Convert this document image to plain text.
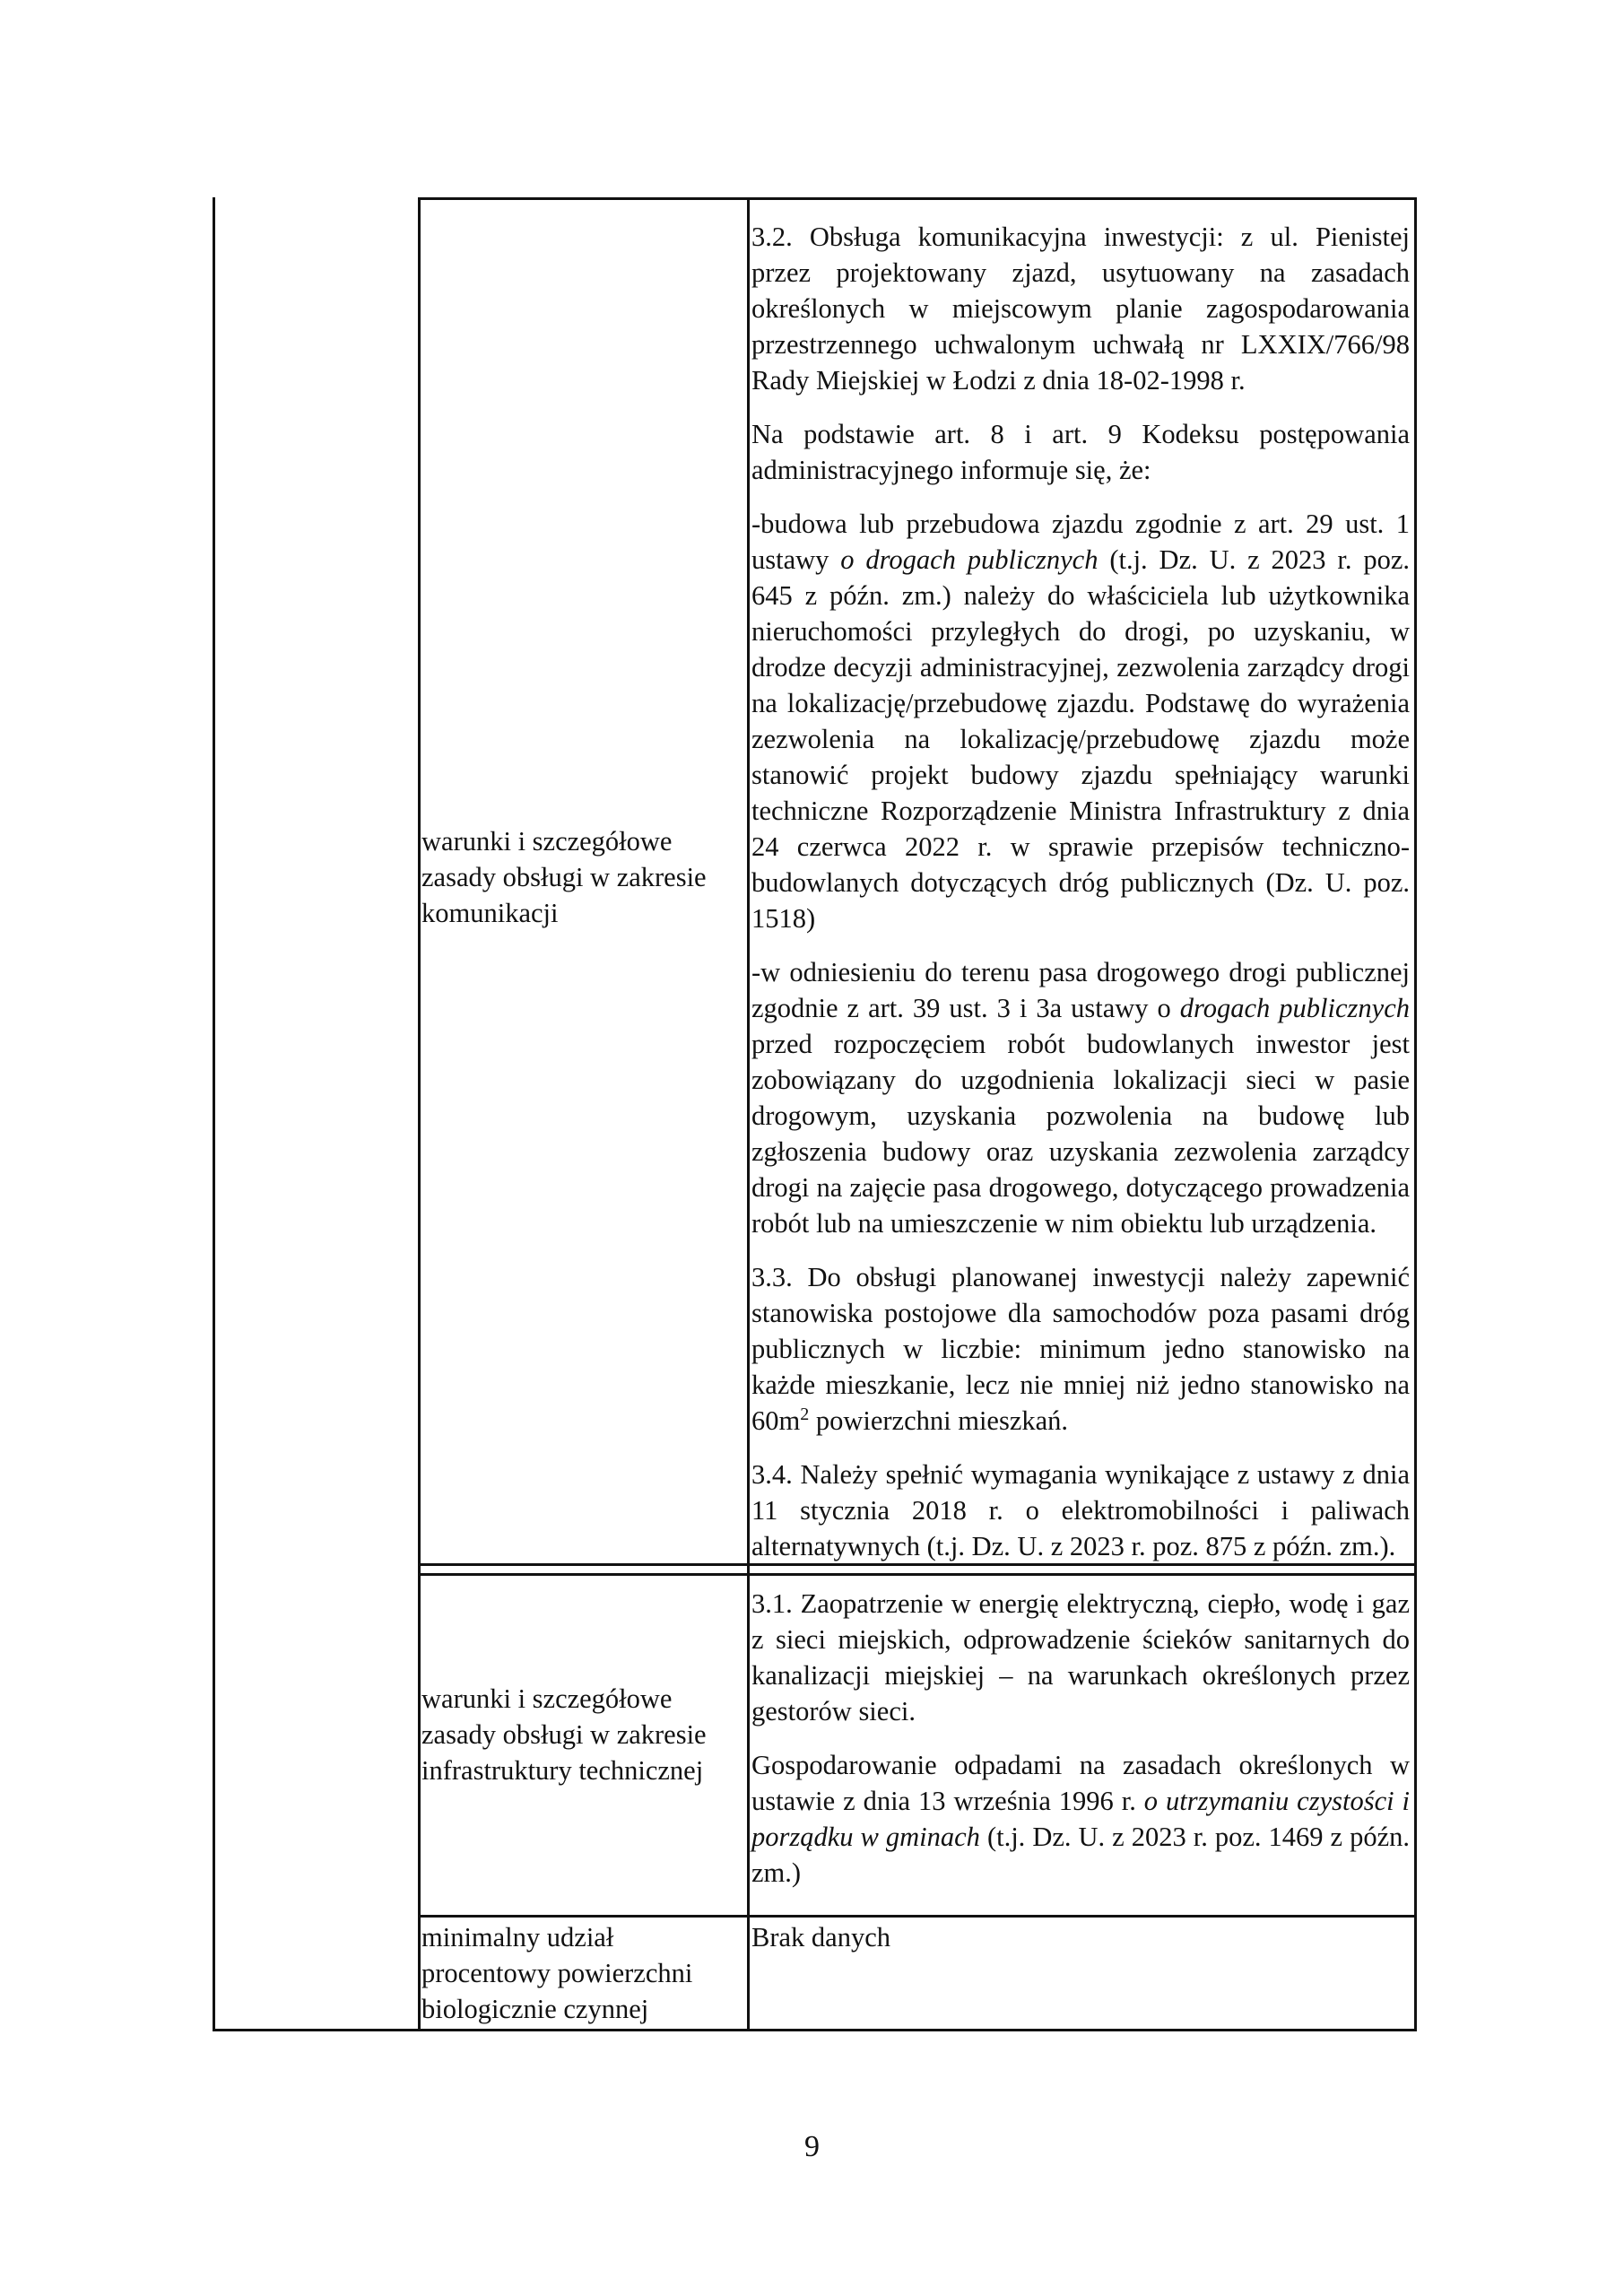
warunki i szczegółowe zasady obsługi w zakresie komunikacji

3.2. Obsługa komunikacyjna inwestycji: z ul. Pienistej przez projektowany zjazd, usytuowany na zasadach określonych w miejscowym planie zagospodarowania przestrzennego uchwalonym uchwałą nr LXXIX/766/98 Rady Miejskiej w Łodzi z dnia 18-02-1998 r.

Na podstawie art. 8 i art. 9 Kodeksu postępowania administracyjnego informuje się, że:

-budowa lub przebudowa zjazdu zgodnie z art. 29 ust. 1 ustawy o drogach publicznych (t.j. Dz. U. z 2023 r. poz. 645 z późn. zm.) należy do właściciela lub użytkownika nieruchomości przyległych do drogi, po uzyskaniu, w drodze decyzji administracyjnej, zezwolenia zarządcy drogi na lokalizację/przebudowę zjazdu. Podstawę do wyrażenia zezwolenia na lokalizację/przebudowę zjazdu może stanowić projekt budowy zjazdu spełniający warunki techniczne Rozporządzenie Ministra Infrastruktury z dnia 24 czerwca 2022 r. w sprawie przepisów techniczno-budowlanych dotyczących dróg publicznych (Dz. U. poz. 1518)

-w odniesieniu do terenu pasa drogowego drogi publicznej zgodnie z art. 39 ust. 3 i 3a ustawy o drogach publicznych przed rozpoczęciem robót budowlanych inwestor jest zobowiązany do uzgodnienia lokalizacji sieci w pasie drogowym, uzyskania pozwolenia na budowę lub zgłoszenia budowy oraz uzyskania zezwolenia zarządcy drogi na zajęcie pasa drogowego, dotyczącego prowadzenia robót lub na umieszczenie w nim obiektu lub urządzenia.

3.3. Do obsługi planowanej inwestycji należy zapewnić stanowiska postojowe dla samochodów poza pasami dróg publicznych w liczbie: minimum jedno stanowisko na każde mieszkanie, lecz nie mniej niż jedno stanowisko na $60m^2$ powierzchni mieszkań.

3.4. Należy spełnić wymagania wynikające z ustawy z dnia 11 stycznia 2018 r. o elektromobilności i paliwach alternatywnych (t.j. Dz. U. z 2023 r. poz. 875 z późn. zm.).

warunki i szczegółowe zasady obsługi w zakresie infrastruktury technicznej

3.1. Zaopatrzenie w energię elektryczną, ciepło, wodę i gaz z sieci miejskich, odprowadzenie ścieków sanitarnych do kanalizacji miejskiej – na warunkach określonych przez gestorów sieci.

Gospodarowanie odpadami na zasadach określonych w ustawie z dnia 13 września 1996 r. o utrzymaniu czystości i porządku w gminach (t.j. Dz. U. z 2023 r. poz. 1469 z późn. zm.)

minimalny udział procentowy powierzchni biologicznie czynnej

Brak danych

9
